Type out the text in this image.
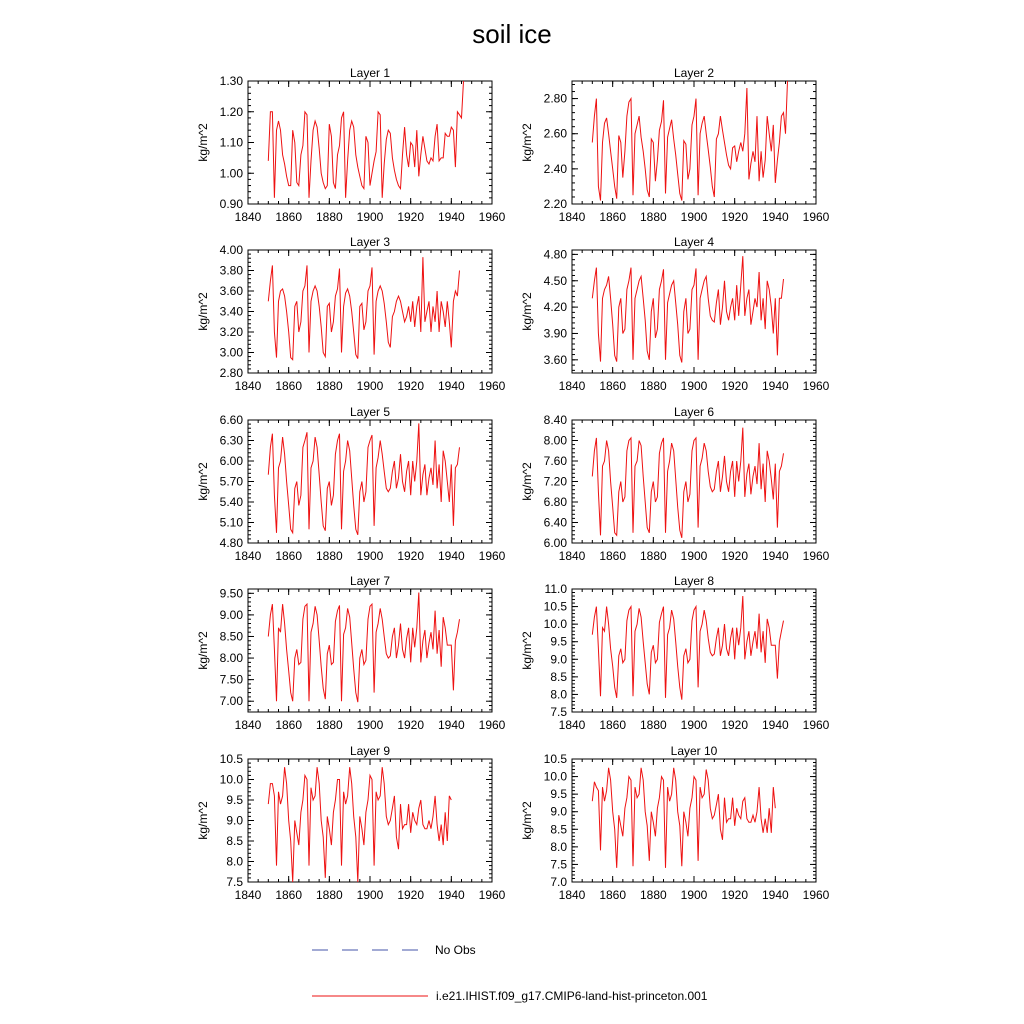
soil ice
Layer 1
1840 1860 1880 1900 1920 1940 1960
0.90
1.00
1.10
1.20
1.30
kg/m^2
Layer 2
1840 1860 1880 1900 1920 1940 1960
2.20
2.40
2.60
2.80
kg/m^2
Layer 3
1840 1860 1880 1900 1920 1940 1960
2.80
3.00
3.20
3.40
3.60
3.80
4.00
kg/m^2
Layer 4
1840 1860 1880 1900 1920 1940 1960
3.60
3.90
4.20
4.50
4.80
kg/m^2
Layer 5
1840 1860 1880 1900 1920 1940 1960
4.80
5.10
5.40
5.70
6.00
6.30
6.60
kg/m^2
Layer 6
1840 1860 1880 1900 1920 1940 1960
6.00
6.40
6.80
7.20
7.60
8.00
8.40
kg/m^2
Layer 7
1840 1860 1880 1900 1920 1940 1960
7.00
7.50
8.00
8.50
9.00
9.50
kg/m^2
Layer 8
1840 1860 1880 1900 1920 1940 1960
7.5
8.0
8.5
9.0
9.5
10.0
10.5
11.0
kg/m^2
Layer 9
1840 1860 1880 1900 1920 1940 1960
7.5
8.0
8.5
9.0
9.5
10.0
10.5
kg/m^2
Layer 10
1840 1860 1880 1900 1920 1940 1960
7.0
7.5
8.0
8.5
9.0
9.5
10.0
10.5
kg/m^2
No Obs
i.e21.IHIST.f09_g17.CMIP6-land-hist-princeton.001
